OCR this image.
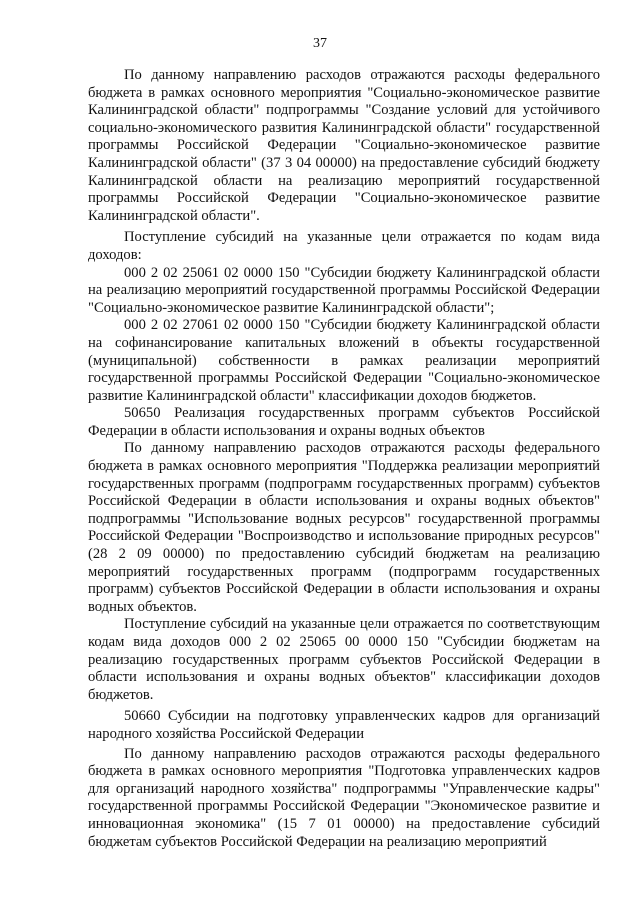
37

По данному направлению расходов отражаются расходы федерального бюджета в рамках основного мероприятия "Социально-экономическое развитие Калининградской области" подпрограммы "Создание условий для устойчивого социально-экономического развития Калининградской области" государственной программы Российской Федерации "Социально-экономическое развитие Калининградской области" (37 3 04 00000) на предоставление субсидий бюджету Калининградской области на реализацию мероприятий государственной программы Российской Федерации "Социально-экономическое развитие Калининградской области".

Поступление субсидий на указанные цели отражается по кодам вида доходов:

000 2 02 25061 02 0000 150 "Субсидии бюджету Калининградской области на реализацию мероприятий государственной программы Российской Федерации "Социально-экономическое развитие Калининградской области";

000 2 02 27061 02 0000 150 "Субсидии бюджету Калининградской области на софинансирование капитальных вложений в объекты государственной (муниципальной) собственности в рамках реализации мероприятий государственной программы Российской Федерации "Социально-экономическое развитие Калининградской области" классификации доходов бюджетов.

50650 Реализация государственных программ субъектов Российской Федерации в области использования и охраны водных объектов

По данному направлению расходов отражаются расходы федерального бюджета в рамках основного мероприятия "Поддержка реализации мероприятий государственных программ (подпрограмм государственных программ) субъектов Российской Федерации в области использования и охраны водных объектов" подпрограммы "Использование водных ресурсов" государственной программы Российской Федерации "Воспроизводство и использование природных ресурсов" (28 2 09 00000) по предоставлению субсидий бюджетам на реализацию мероприятий государственных программ (подпрограмм государственных программ) субъектов Российской Федерации в области использования и охраны водных объектов.

Поступление субсидий на указанные цели отражается по соответствующим кодам вида доходов 000 2 02 25065 00 0000 150 "Субсидии бюджетам на реализацию государственных программ субъектов Российской Федерации в области использования и охраны водных объектов" классификации доходов бюджетов.

50660 Субсидии на подготовку управленческих кадров для организаций народного хозяйства Российской Федерации

По данному направлению расходов отражаются расходы федерального бюджета в рамках основного мероприятия "Подготовка управленческих кадров для организаций народного хозяйства" подпрограммы "Управленческие кадры" государственной программы Российской Федерации "Экономическое развитие и инновационная экономика" (15 7 01 00000) на предоставление субсидий бюджетам субъектов Российской Федерации на реализацию мероприятий
